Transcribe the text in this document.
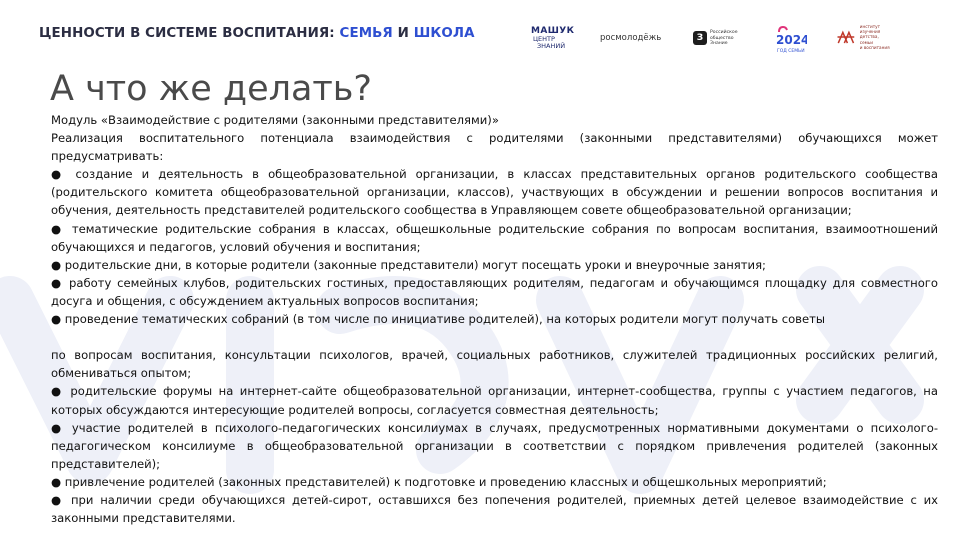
ЦЕННОСТИ В СИСТЕМЕ ВОСПИТАНИЯ: СЕМЬЯ И ШКОЛА	МАШУК
ЦЕНТР
ЗНАНИЙ
росмолодёжь	З
Российское
общество
Знание	2024
ГОД СЕМЬИ
институт изучения
детства, семьи
и воспитания
А что же делать?

Модуль «Взаимодействие с родителями (законными представителями)»

Реализация воспитательного потенциала взаимодействия с родителями (законными представителями) обучающихся может предусматривать:

● создание и деятельность в общеобразовательной организации, в классах представительных органов родительского сообщества (родительского комитета общеобразовательной организации, классов), участвующих в обсуждении и решении вопросов воспитания и обучения, деятельность представителей родительского сообщества в Управляющем совете общеобразовательной организации;

● тематические родительские собрания в классах, общешкольные родительские собрания по вопросам воспитания, взаимоотношений обучающихся и педагогов, условий обучения и воспитания;

● родительские дни, в которые родители (законные представители) могут посещать уроки и внеурочные занятия;

● работу семейных клубов, родительских гостиных, предоставляющих родителям, педагогам и обучающимся площадку для совместного досуга и общения, с обсуждением актуальных вопросов воспитания;

● проведение тематических собраний (в том числе по инициативе родителей), на которых родители могут получать советы

по вопросам воспитания, консультации психологов, врачей, социальных работников, служителей традиционных российских религий, обмениваться опытом;

● родительские форумы на интернет-сайте общеобразовательной организации, интернет-сообщества, группы с участием педагогов, на которых обсуждаются интересующие родителей вопросы, согласуется совместная деятельность;

● участие родителей в психолого-педагогических консилиумах в случаях, предусмотренных нормативными документами о психолого-педагогическом консилиуме в общеобразовательной организации в соответствии с порядком привлечения родителей (законных представителей);

● привлечение родителей (законных представителей) к подготовке и проведению классных и общешкольных мероприятий;

● при наличии среди обучающихся детей-сирот, оставшихся без попечения родителей, приемных детей целевое взаимодействие с их законными представителями.
